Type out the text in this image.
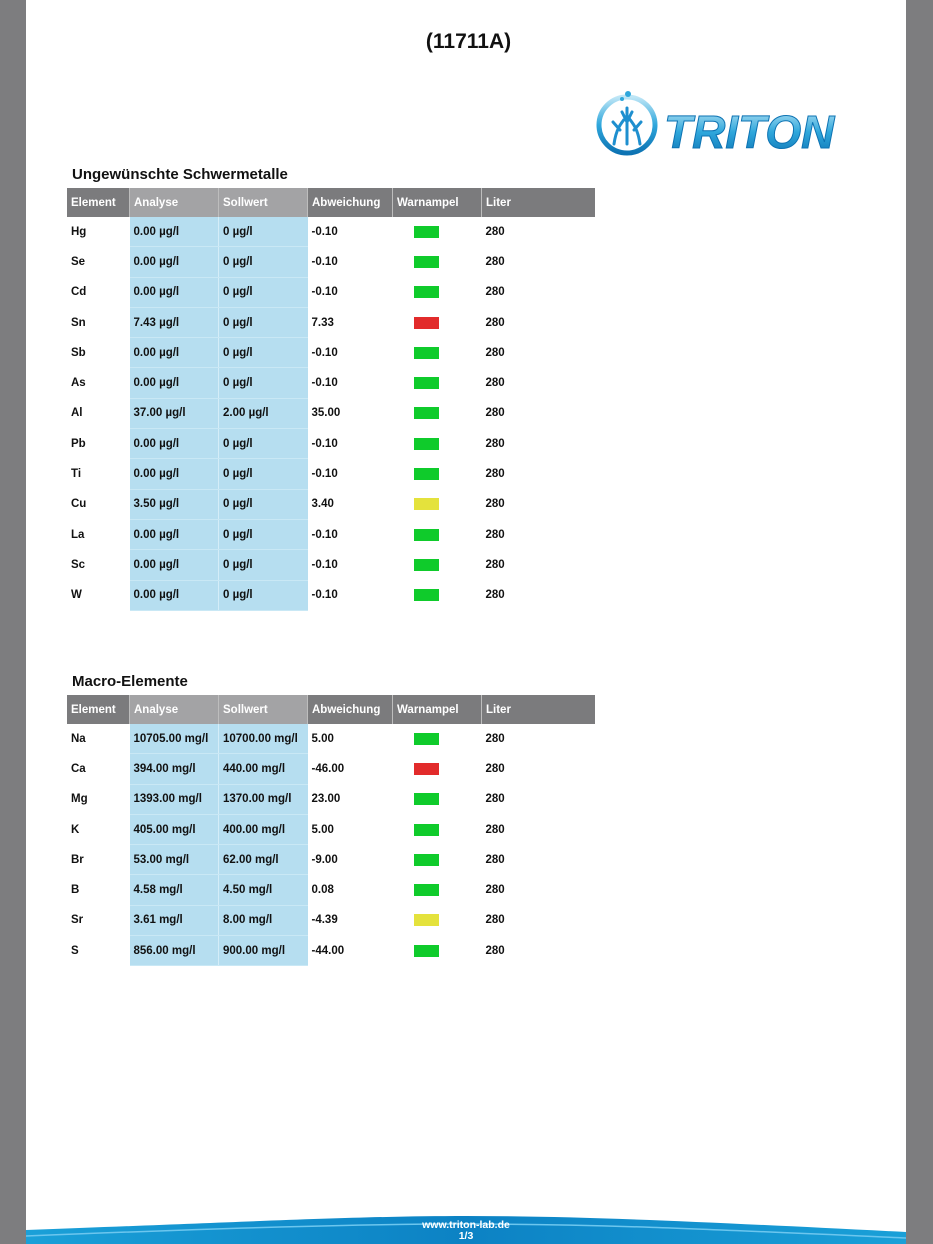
(11711A)
TRITON
Ungewünschte Schwermetalle
Element	Analyse	Sollwert	Abweichung	Warnampel	Liter
Hg	0.00 µg/l	0 µg/l	-0.10		280
Se	0.00 µg/l	0 µg/l	-0.10		280
Cd	0.00 µg/l	0 µg/l	-0.10		280
Sn	7.43 µg/l	0 µg/l	7.33		280
Sb	0.00 µg/l	0 µg/l	-0.10		280
As	0.00 µg/l	0 µg/l	-0.10		280
Al	37.00 µg/l	2.00 µg/l	35.00		280
Pb	0.00 µg/l	0 µg/l	-0.10		280
Ti	0.00 µg/l	0 µg/l	-0.10		280
Cu	3.50 µg/l	0 µg/l	3.40		280
La	0.00 µg/l	0 µg/l	-0.10		280
Sc	0.00 µg/l	0 µg/l	-0.10		280
W	0.00 µg/l	0 µg/l	-0.10		280
Macro-Elemente
Element	Analyse	Sollwert	Abweichung	Warnampel	Liter
Na	10705.00 mg/l	10700.00 mg/l	5.00		280
Ca	394.00 mg/l	440.00 mg/l	-46.00		280
Mg	1393.00 mg/l	1370.00 mg/l	23.00		280
K	405.00 mg/l	400.00 mg/l	5.00		280
Br	53.00 mg/l	62.00 mg/l	-9.00		280
B	4.58 mg/l	4.50 mg/l	0.08		280
Sr	3.61 mg/l	8.00 mg/l	-4.39		280
S	856.00 mg/l	900.00 mg/l	-44.00		280
www.triton-lab.de
1/3
